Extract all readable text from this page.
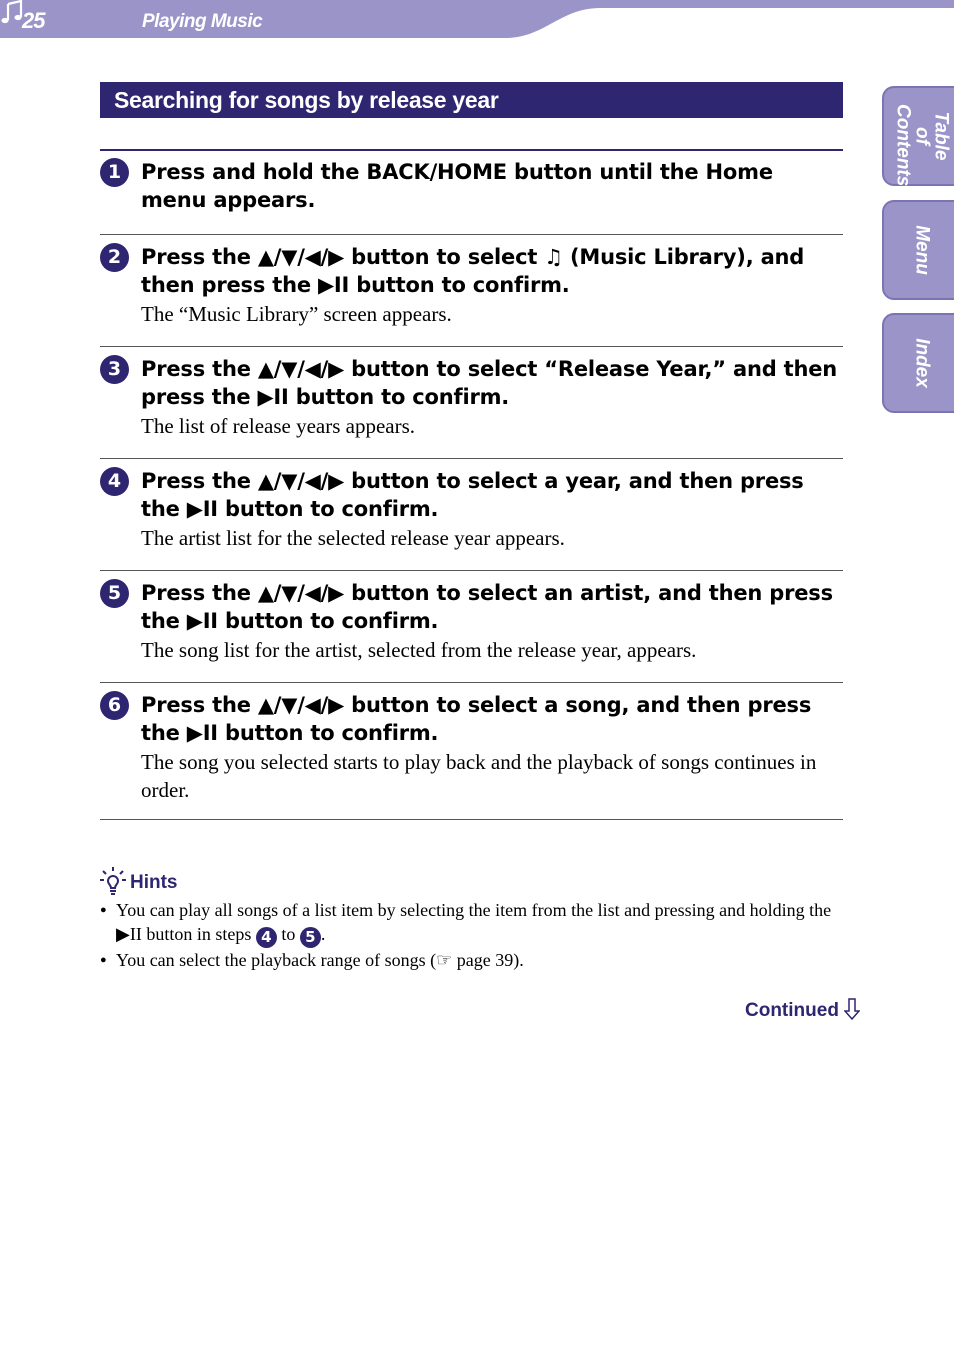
25	Playing Music
Table of Contents
Menu
Index
Searching for songs by release year
1 Press and hold the BACK/HOME button until the Home menu appears.

2 Press the ▲/▼/◀/▶ button to select ♫ (Music Library), and then press the ▶II button to confirm.

The “Music Library” screen appears.

3 Press the ▲/▼/◀/▶ button to select “Release Year,” and then press the ▶II button to confirm.

The list of release years appears.

4 Press the ▲/▼/◀/▶ button to select a year, and then press the ▶II button to confirm.

The artist list for the selected release year appears.

5 Press the ▲/▼/◀/▶ button to select an artist, and then press the ▶II button to confirm.

The song list for the artist, selected from the release year, appears.

6 Press the ▲/▼/◀/▶ button to select a song, and then press the ▶II button to confirm.

The song you selected starts to play back and the playback of songs continues in order.

Hints
● You can play all songs of a list item by selecting the item from the list and pressing and holding the ▶II button in steps 4 to 5 .
● You can select the playback range of songs (☞ page 39).
Continued
